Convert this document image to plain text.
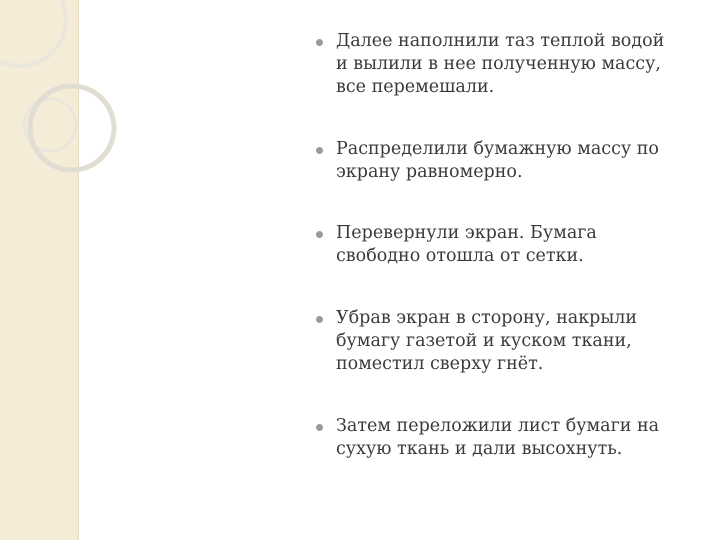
Далее наполнили таз теплой водой
и вылили в нее полученную массу,
все перемешали.
Распределили бумажную массу по
экрану равномерно.
Перевернули экран. Бумага
свободно отошла от сетки.
Убрав экран в сторону, накрыли
бумагу газетой и куском ткани,
поместил сверху гнёт.
Затем переложили лист бумаги на
сухую ткань и дали высохнуть.
